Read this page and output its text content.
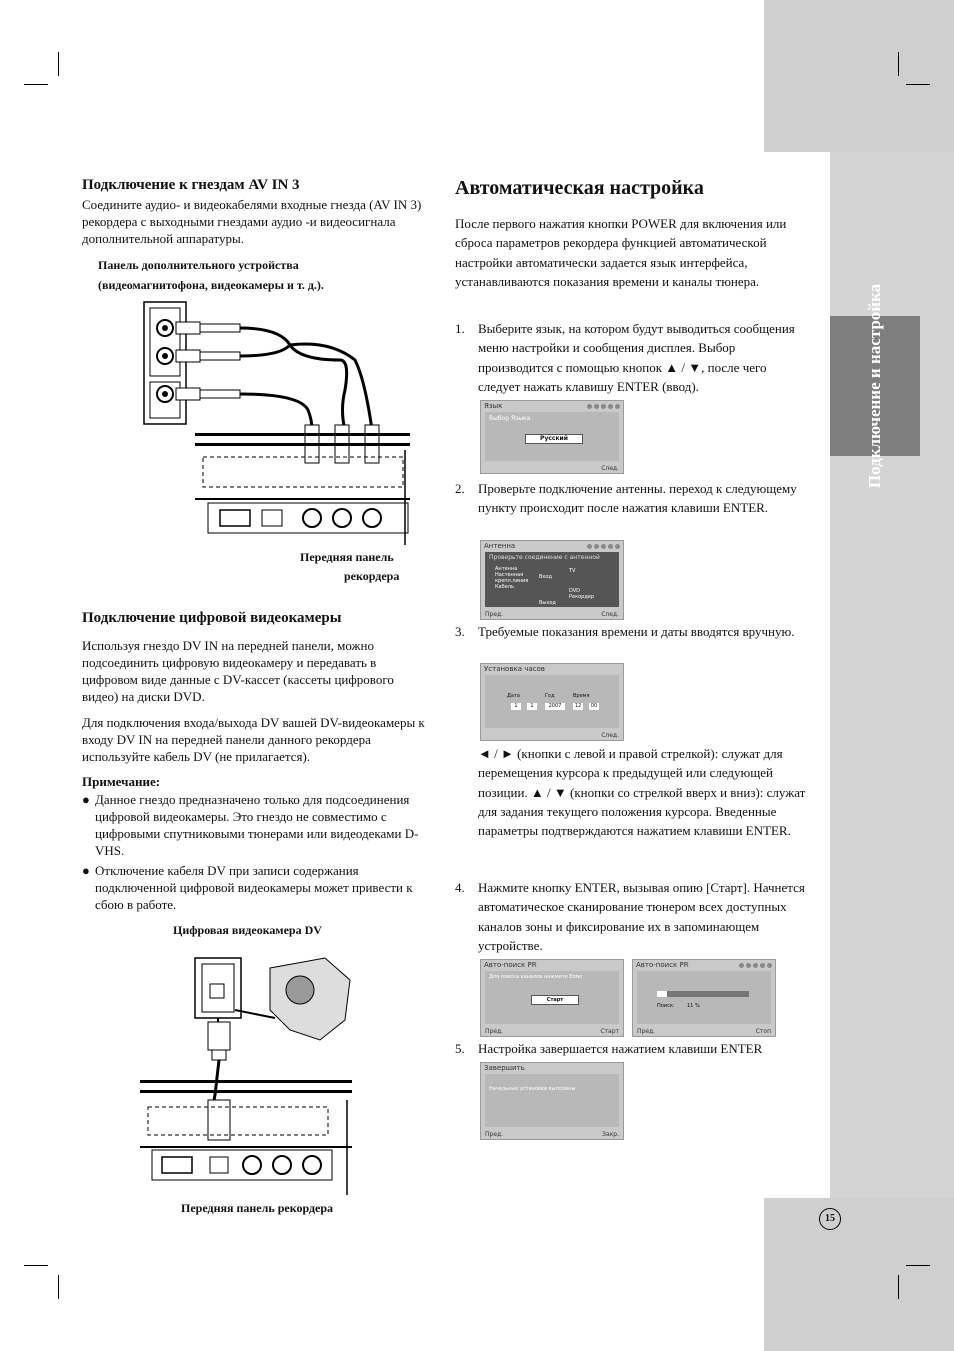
Подключение и настройка
Подключение к гнездам AV IN 3
Соедините аудио- и видеокабелями входные гнезда (AV IN 3) рекордера с выходными гнездами аудио -и видеосигнала дополнительной аппаратуры.
Панель дополнительного устройства
(видеомагнитофона, видеокамеры и т. д.).
Передняя панель
рекордера
Подключение цифровой видеокамеры
Используя гнездо DV IN на передней панели, можно подсоединить цифровую видеокамеру и передавать в цифровом виде данные с DV-кассет (кассеты цифрового видео) на диски DVD.
Для подключения входа/выхода DV вашей DV-видеокамеры к входу DV IN на передней панели данного рекордера используйте кабель DV (не прилагается).
Примечание:
● Данное гнездо предназначено только для подсоединения цифровой видеокамеры. Это гнездо не совместимо с цифровыми спутниковыми тюнерами или видеодеками D-VHS.
● Отключение кабеля DV при записи содержания подключенной цифровой видеокамеры может привести к сбою в работе.
Цифровая видеокамера DV
Передняя панель рекордера
Автоматическая настройка
После первого нажатия кнопки POWER для включения или сброса параметров рекордера функцией автоматической настройки автоматически задается язык интерфейса, устанавливаются показания времени и каналы тюнера.
1. Выберите язык, на котором будут выводиться сообщения меню настройки и сообщения дисплея. Выбор производится с помощью кнопок ▲ / ▼, после чего следует нажать клавишу ENTER (ввод).
Язык
Выбор Языка
Русский
Cлед.
2. Проверьте подключение антенны. переход к следующему пункту происходит после нажатия клавиши ENTER.
Антенна
Проверьте соединение с антенной
Антенна
Настенная
крепл.линия
Кабель
Вход
Выход
TV
DVD Рекордер
Пред.	След.
3. Требуемые показания времени и даты вводятся вручную.
Установка часов
Дата	Год	Время
1	1	2007	12	00
Cлед.
◄ / ► (кнопки с левой и правой стрелкой): служат для перемещения курсора к предыдущей или следующей позиции. ▲ / ▼ (кнопки со стрелкой вверх и вниз): служат для задания текущего положения курсора. Введенные параметры подтверждаются нажатием клавиши ENTER.
4. Нажмите кнопку ENTER, вызывая опию [Старт]. Начнется автоматическое сканирование тюнером всех доступных каналов зоны и фиксирование их в запоминающем устройстве.
Авто-поиск PR
Для поиска каналов нажмите Enter
Старт
Пред.	Старт
Авто-поиск PR
Поиск: 11 %
Пред.	Стоп
5. Настройка завершается нажатием клавиши ENTER
Завершить
Начальные установки выполены
Пред.	Закр.
15
